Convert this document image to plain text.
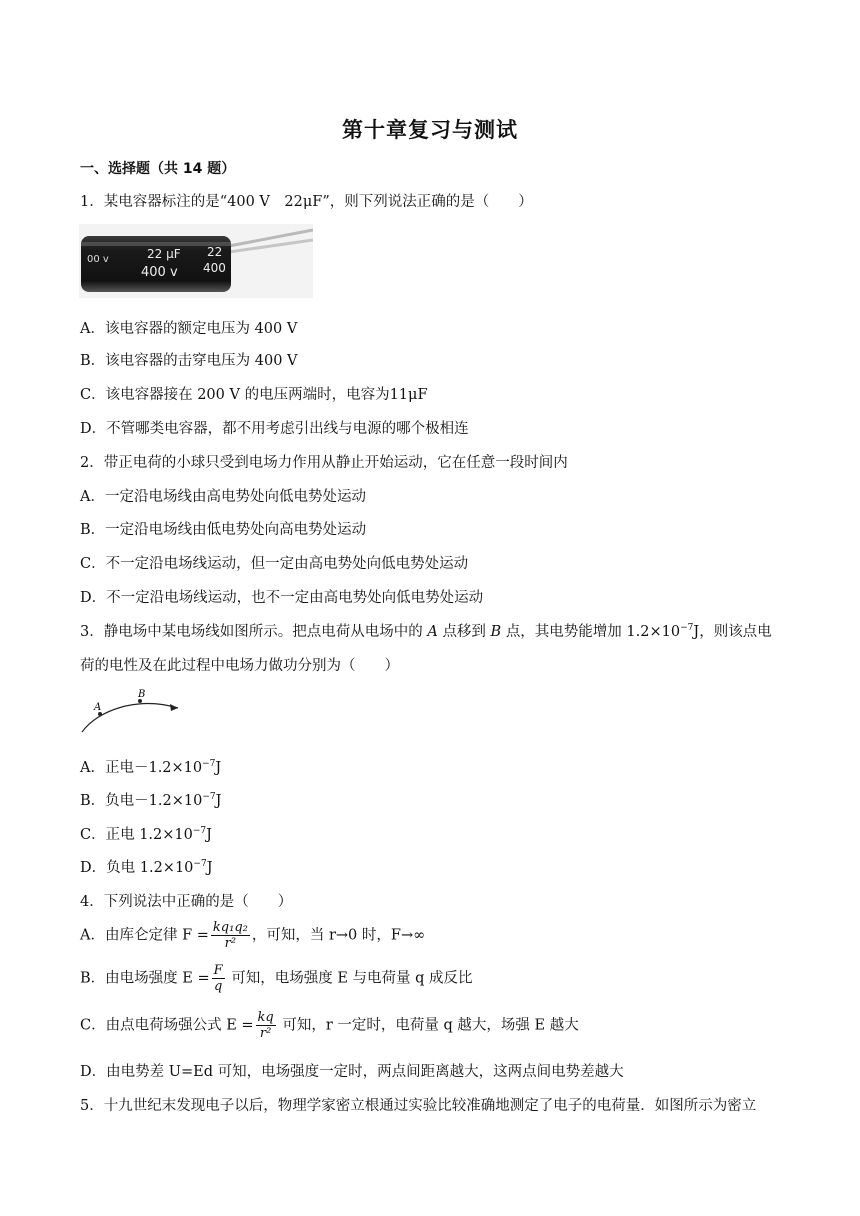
第十章复习与测试
一、选择题（共 14 题）
1．某电容器标注的是“400 V　22μF”，则下列说法正确的是（　　）
00 v	22 μF
400 v
22
400
A．该电容器的额定电压为 400 V
B．该电容器的击穿电压为 400 V
C．该电容器接在 200 V 的电压两端时，电容为11μF
D．不管哪类电容器，都不用考虑引出线与电源的哪个极相连
2．带正电荷的小球只受到电场力作用从静止开始运动，它在任意一段时间内
A．一定沿电场线由高电势处向低电势处运动
B．一定沿电场线由低电势处向高电势处运动
C．不一定沿电场线运动，但一定由高电势处向低电势处运动
D．不一定沿电场线运动，也不一定由高电势处向低电势处运动
3．静电场中某电场线如图所示。把点电荷从电场中的 A 点移到 B 点，其电势能增加 $1.2\times 10^{-7}J$，则该点电
荷的电性及在此过程中电场力做功分别为（　　）
A
B
A．正电$-1.2\times 10^{-7}J$
B．负电$-1.2\times 10^{-7}J$
C．正电 $1.2\times 10^{-7}J$
D．负电 $1.2\times 10^{-7}J$
4．下列说法中正确的是（　　）
A．由库仑定律 $F = \frac{\text{kq₁q₂}}{\text{r²}}$ ，可知，当 r→0 时，F→∞
B．由电场强度 $E = \frac{F}{q}$ 可知，电场强度 E 与电荷量 q 成反比
C．由点电荷场强公式 $E = \frac{kq}{\text{r²}}$ 可知，r 一定时，电荷量 q 越大，场强 E 越大
D．由电势差 U=Ed 可知，电场强度一定时，两点间距离越大，这两点间电势差越大
5．十九世纪末发现电子以后，物理学家密立根通过实验比较准确地测定了电子的电荷量．如图所示为密立
